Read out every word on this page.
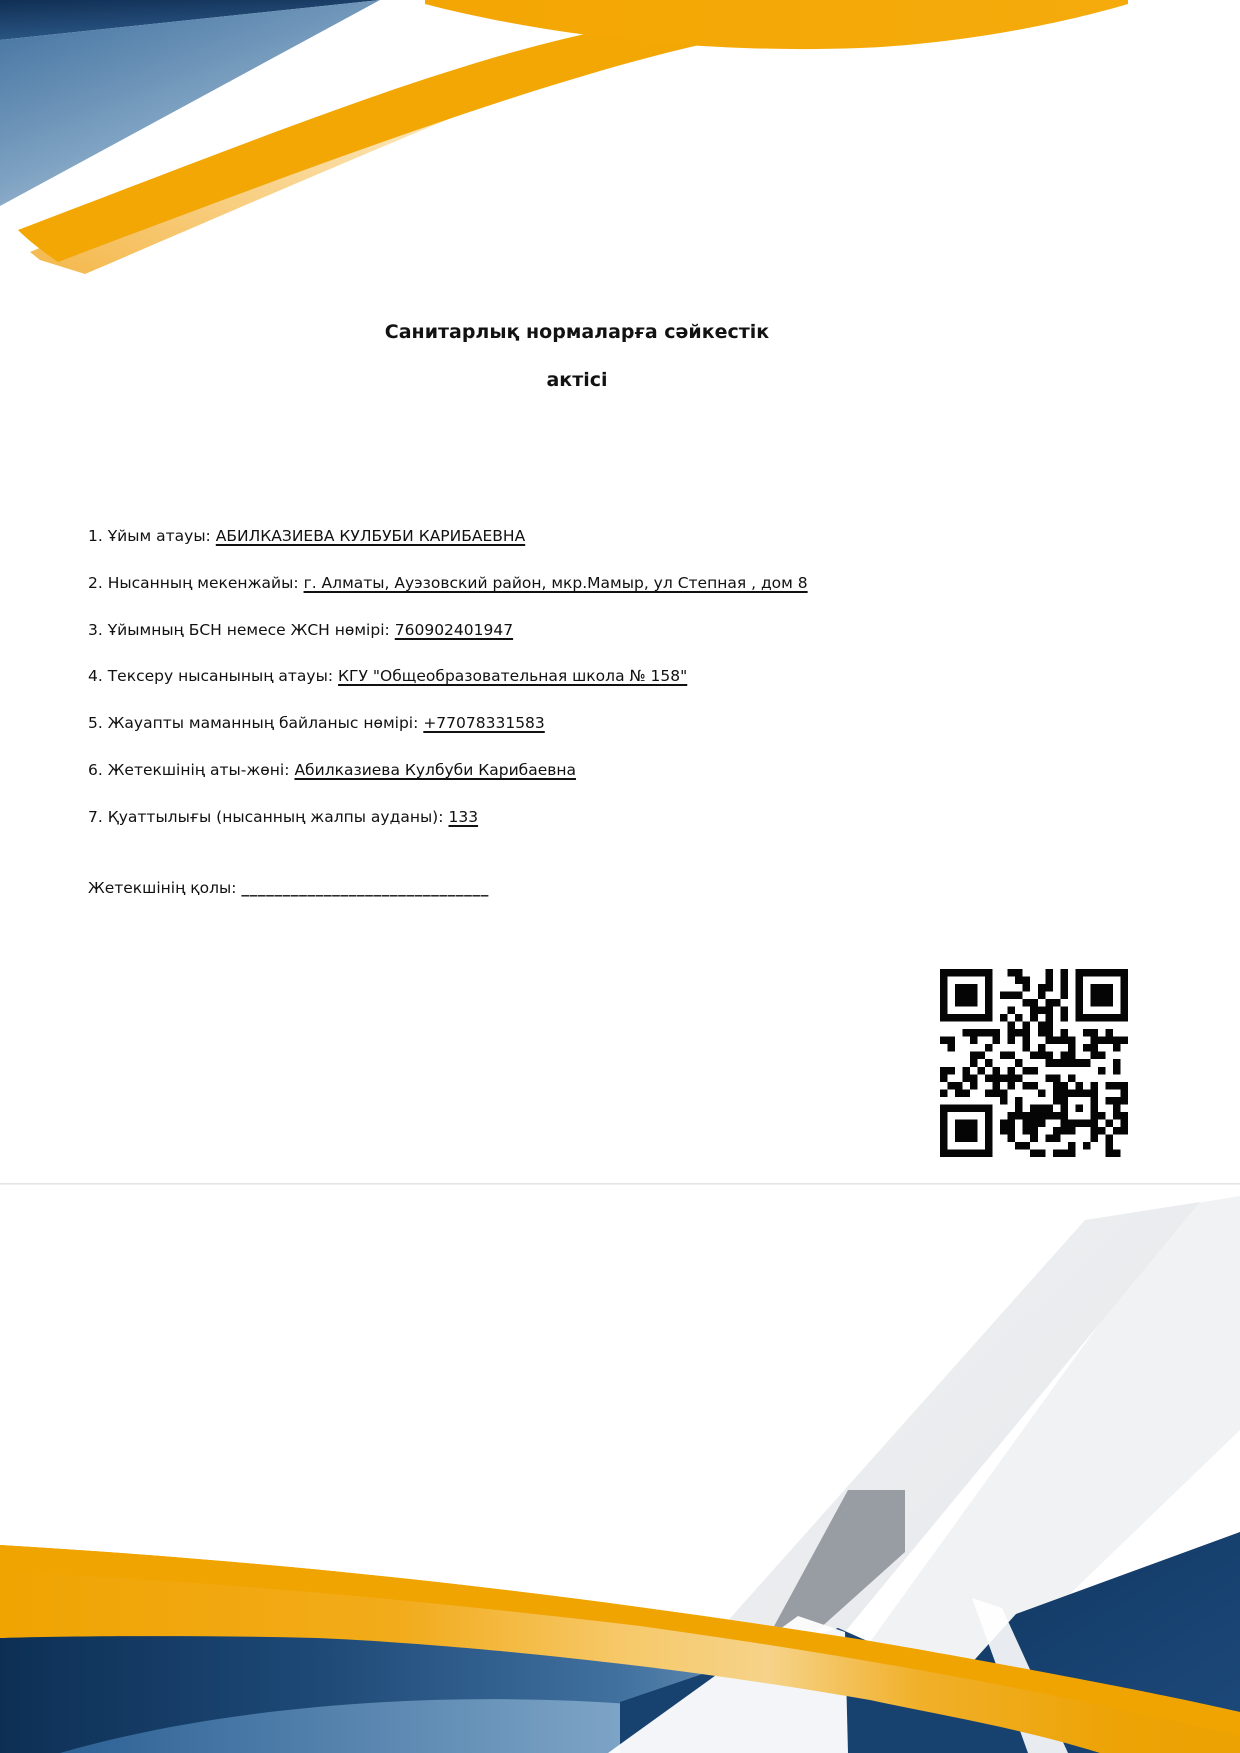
Санитарлық нормаларға сәйкестік
актісі
1. Ұйым атауы: АБИЛКАЗИЕВА КУЛБУБИ КАРИБАЕВНА
2. Нысанның мекенжайы: г. Алматы, Ауэзовский район, мкр.Мамыр, ул Степная , дом 8
3. Ұйымның БСН немесе ЖСН нөмірі: 760902401947
4. Тексеру нысанының атауы: КГУ "Общеобразовательная школа № 158"
5. Жауапты маманның байланыс нөмірі: +77078331583
6. Жетекшінің аты-жөні: Абилказиева Кулбуби Карибаевна
7. Қуаттылығы (нысанның жалпы ауданы): 133
Жетекшінің қолы: ______________________________
